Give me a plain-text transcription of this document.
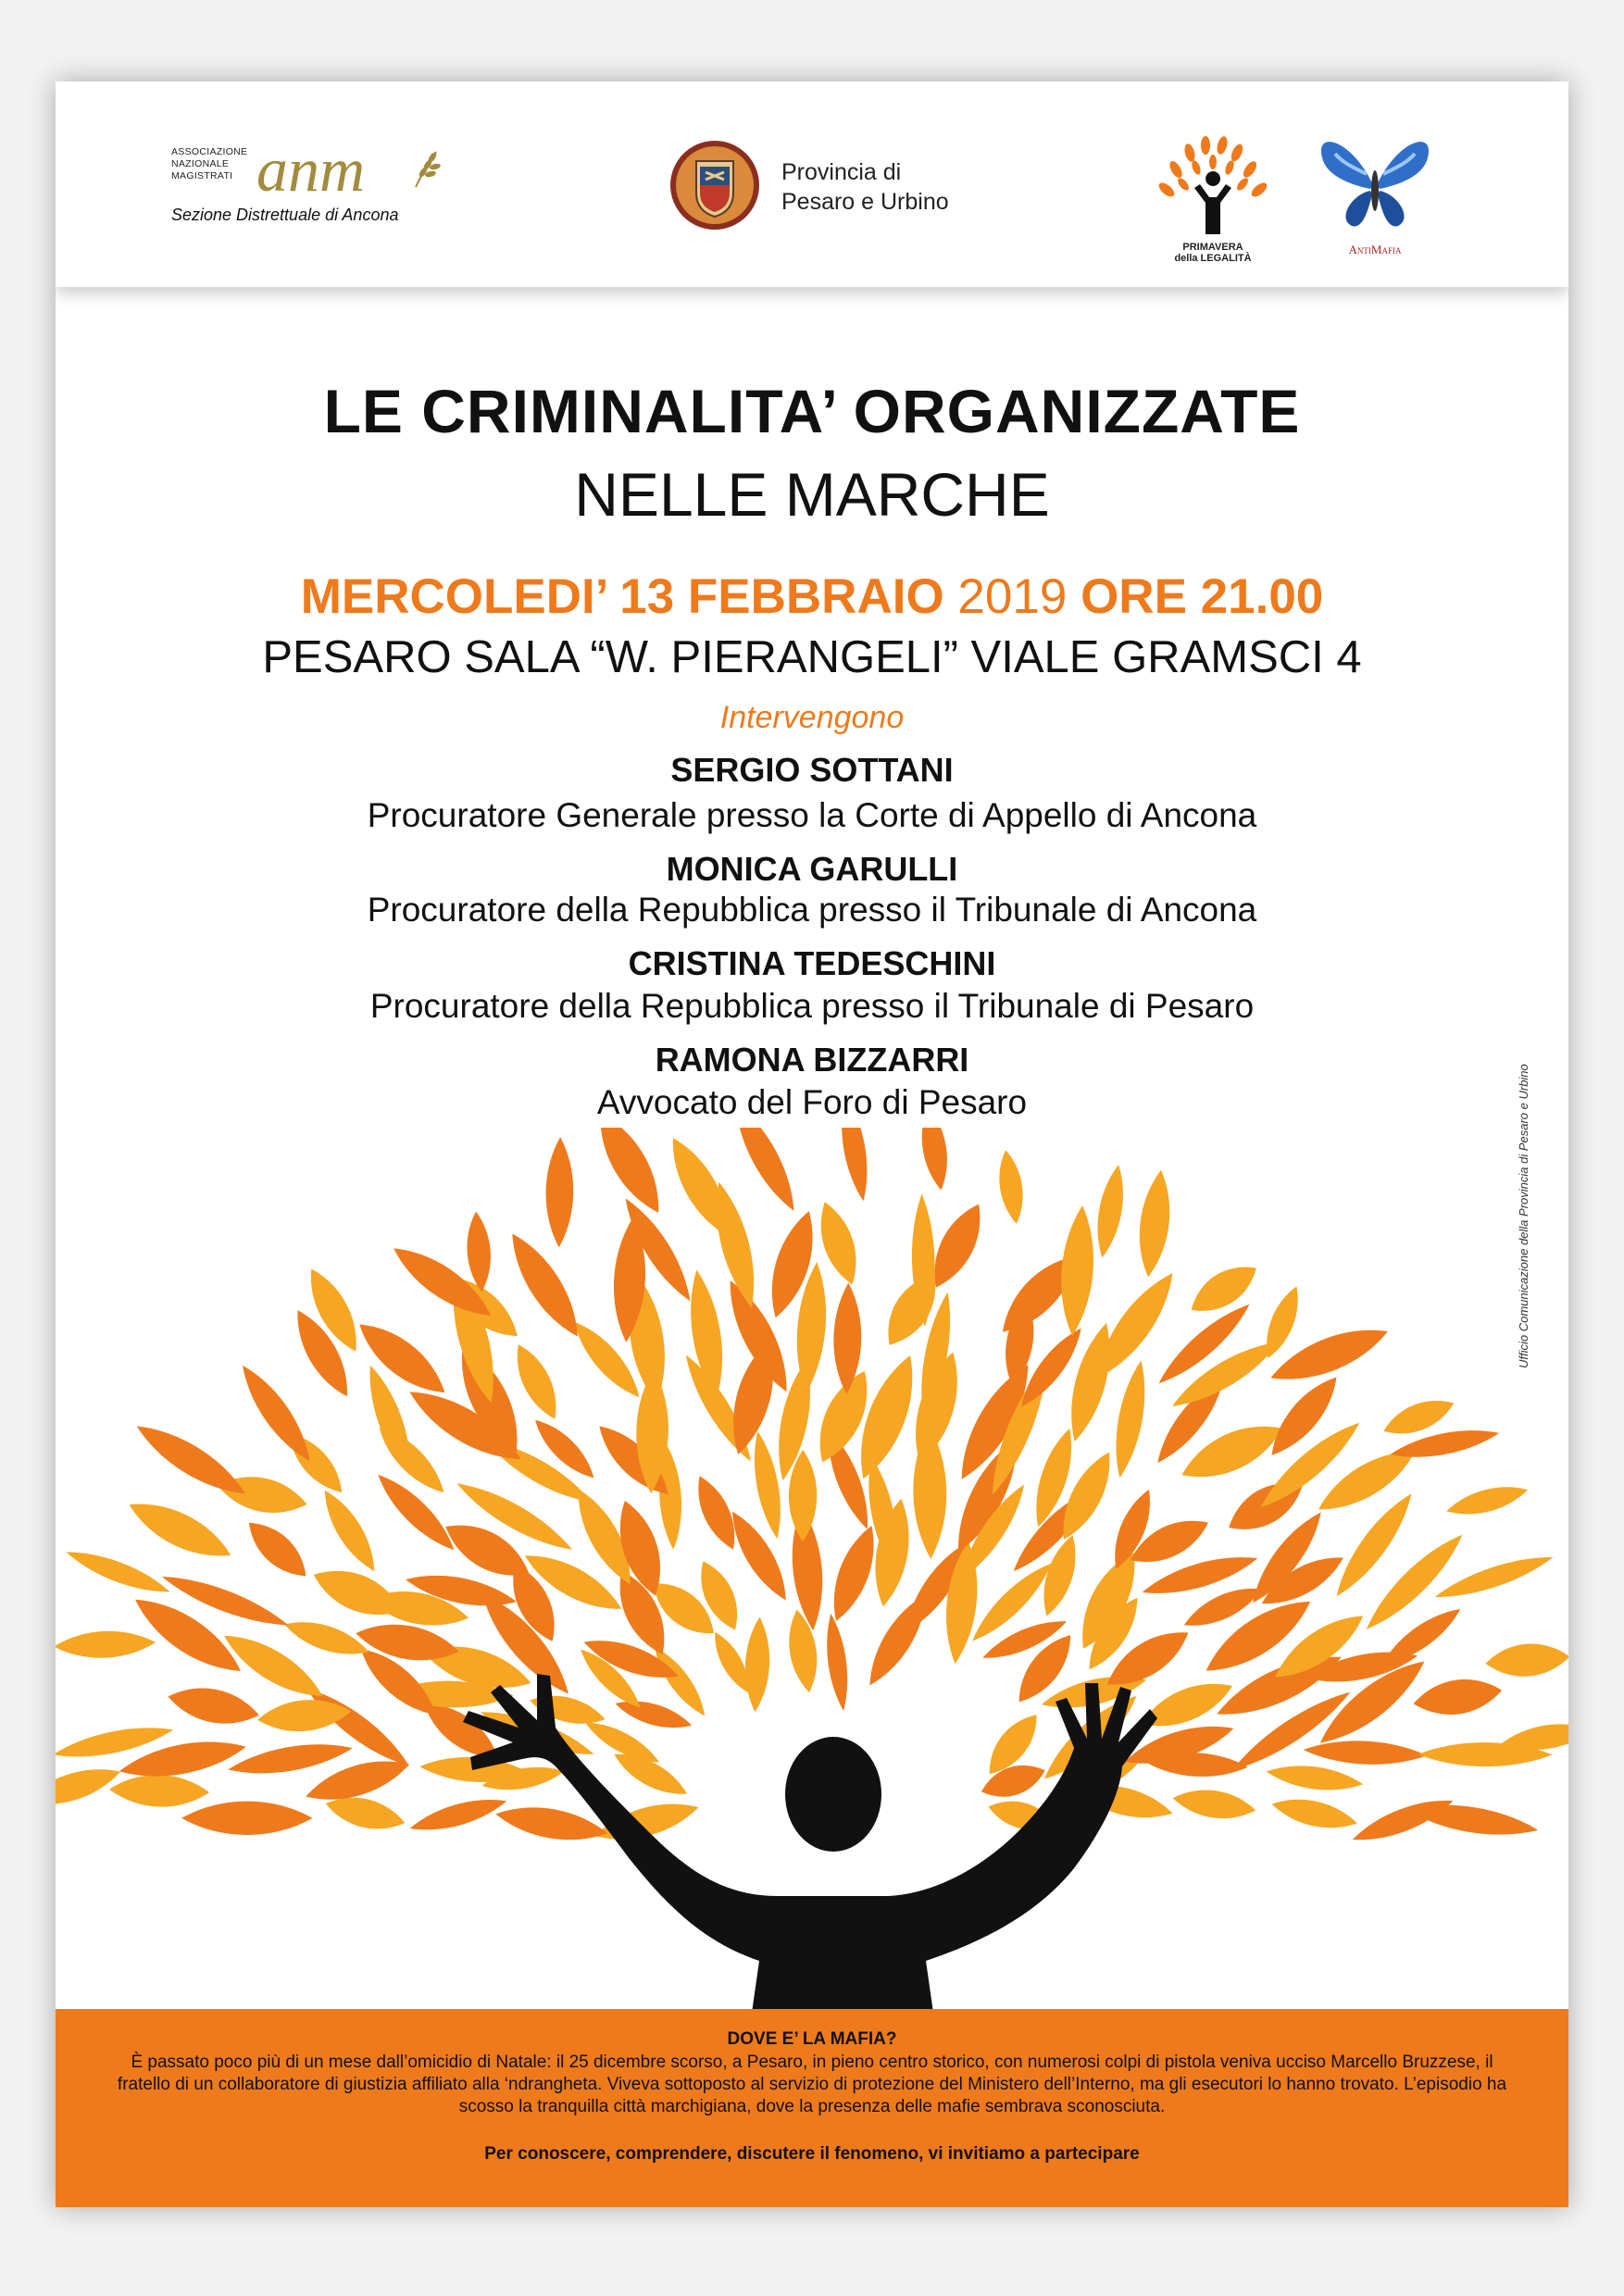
ASSOCIAZIONE
NAZIONALE
MAGISTRATI anm
Sezione Distrettuale di Ancona
Provincia di
Pesaro e Urbino
PRIMAVERA
della LEGALITÀ
AntiMafia
LE CRIMINALITA’ ORGANIZZATE
NELLE MARCHE
MERCOLEDI’ 13 FEBBRAIO 2019 ORE 21.00
PESARO SALA “W. PIERANGELI” VIALE GRAMSCI 4
Intervengono
SERGIO SOTTANI
Procuratore Generale presso la Corte di Appello di Ancona
MONICA GARULLI
Procuratore della Repubblica presso il Tribunale di Ancona
CRISTINA TEDESCHINI
Procuratore della Repubblica presso il Tribunale di Pesaro
RAMONA BIZZARRI
Avvocato del Foro di Pesaro	Ufficio Comunicazione della Provincia di Pesaro e Urbino
DOVE E’ LA MAFIA?
È passato poco più di un mese dall’omicidio di Natale: il 25 dicembre scorso, a Pesaro, in pieno centro storico, con numerosi colpi di pistola veniva ucciso Marcello Bruzzese, il fratello di un collaboratore di giustizia affiliato alla ‘ndrangheta. Viveva sottoposto al servizio di protezione del Ministero dell’Interno, ma gli esecutori lo hanno trovato. L’episodio ha scosso la tranquilla città marchigiana, dove la presenza delle mafie sembrava sconosciuta.
Per conoscere, comprendere, discutere il fenomeno, vi invitiamo a partecipare
